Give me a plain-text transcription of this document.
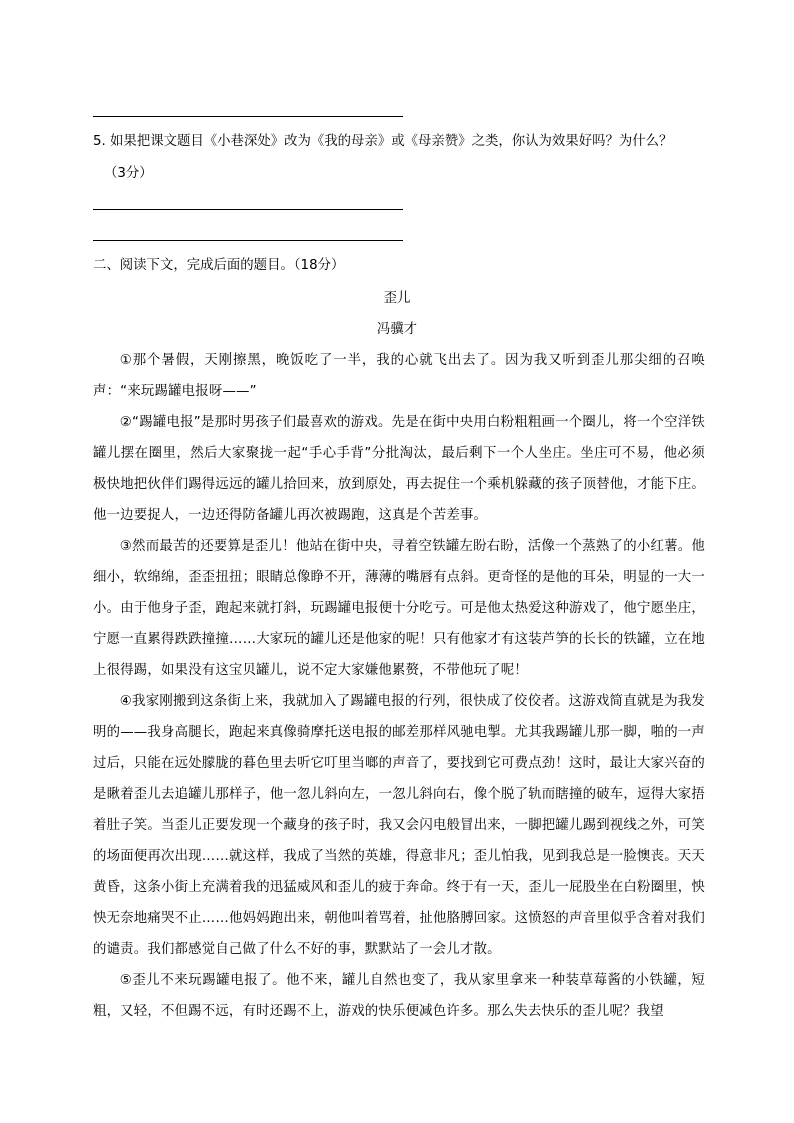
5. 如果把课文题目《小巷深处》改为《我的母亲》或《母亲赞》之类，你认为效果好吗？为什么？
（3分）
二、阅读下文，完成后面的题目。（18分）
歪儿
冯骥才
①那个暑假，天刚擦黑，晚饭吃了一半，我的心就飞出去了。因为我又听到歪儿那尖细的召唤声：“来玩踢罐电报呀——”
②“踢罐电报”是那时男孩子们最喜欢的游戏。先是在街中央用白粉粗粗画一个圈儿，将一个空洋铁罐儿摆在圈里，然后大家聚拢一起“手心手背”分批淘汰，最后剩下一个人坐庄。坐庄可不易，他必须极快地把伙伴们踢得远远的罐儿拾回来，放到原处，再去捉住一个乘机躲藏的孩子顶替他，才能下庄。他一边要捉人，一边还得防备罐儿再次被踢跑，这真是个苦差事。
③然而最苦的还要算是歪儿！他站在街中央，寻着空铁罐左盼右盼，活像一个蒸熟了的小红薯。他细小，软绵绵，歪歪扭扭；眼睛总像睁不开，薄薄的嘴唇有点斜。更奇怪的是他的耳朵，明显的一大一小。由于他身子歪，跑起来就打斜，玩踢罐电报便十分吃亏。可是他太热爱这种游戏了，他宁愿坐庄，宁愿一直累得跌跌撞撞……大家玩的罐儿还是他家的呢！只有他家才有这装芦笋的长长的铁罐，立在地上很得踢，如果没有这宝贝罐儿，说不定大家嫌他累赘，不带他玩了呢！
④我家刚搬到这条街上来，我就加入了踢罐电报的行列，很快成了佼佼者。这游戏简直就是为我发明的——我身高腿长，跑起来真像骑摩托送电报的邮差那样风驰电掣。尤其我踢罐儿那一脚，啪的一声过后，只能在远处朦胧的暮色里去听它叮里当啷的声音了，要找到它可费点劲！这时，最让大家兴奋的是瞅着歪儿去追罐儿那样子，他一忽儿斜向左，一忽儿斜向右，像个脱了轨而瞎撞的破车，逗得大家捂着肚子笑。当歪儿正要发现一个藏身的孩子时，我又会闪电般冒出来，一脚把罐儿踢到视线之外，可笑的场面便再次出现……就这样，我成了当然的英雄，得意非凡；歪儿怕我，见到我总是一脸懊丧。天天黄昏，这条小街上充满着我的迅猛威风和歪儿的疲于奔命。终于有一天，歪儿一屁股坐在白粉圈里，怏怏无奈地痛哭不止……他妈妈跑出来，朝他叫着骂着，扯他胳膊回家。这愤怒的声音里似乎含着对我们的谴责。我们都感觉自己做了什么不好的事，默默站了一会儿才散。
⑤歪儿不来玩踢罐电报了。他不来，罐儿自然也变了，我从家里拿来一种装草莓酱的小铁罐，短粗，又轻，不但踢不远，有时还踢不上，游戏的快乐便减色许多。那么失去快乐的歪儿呢？我望
